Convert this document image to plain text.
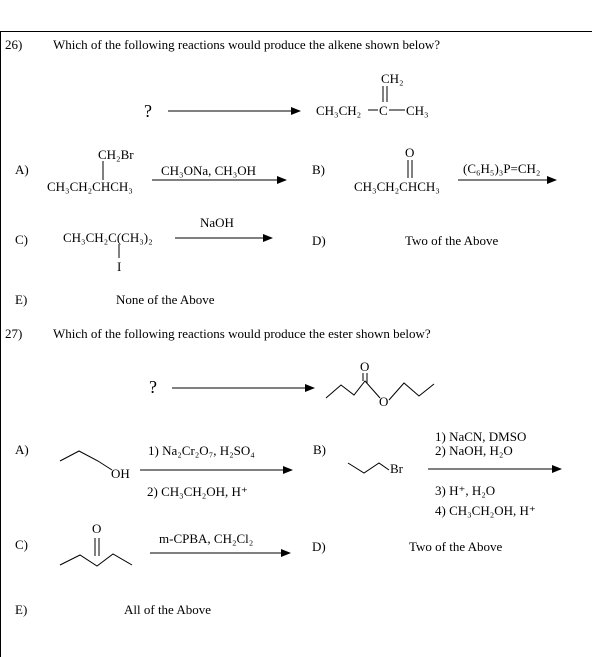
26) Which of the following reactions would produce the alkene shown below?
?
CH₂
CH₃CH₂ C CH₃
A)
CH₂Br
CH₃CH₂CHCH₃
CH₃ONa, CH₃OH	B)
O
CH₃CH₂CHCH₃
(C₆H₅)₃P=CH₂
C)	CH₃CH₂C(CH₃)₂
I
NaOH
D)	Two of the Above
E)	None of the Above
27) Which of the following reactions would produce the ester shown below?
?
O
O
A)
OH
1) Na₂Cr₂O₇, H₂SO₄
2) CH₃CH₂OH, H⁺
B)
Br
1) NaCN, DMSO
2) NaOH, H₂O
3) H⁺, H₂O
4) CH₃CH₂OH, H⁺
C)
O
m-CPBA, CH₂Cl₂
D)	Two of the Above
E)	All of the Above
